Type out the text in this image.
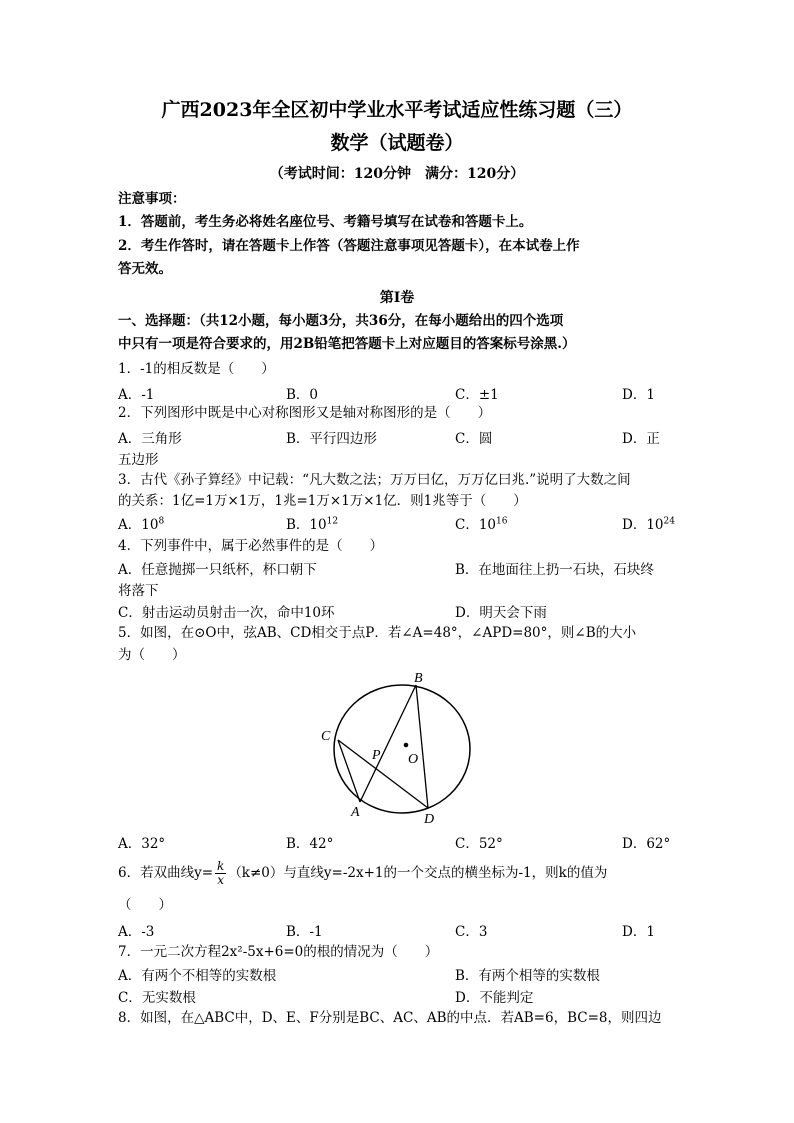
广西2023年全区初中学业水平考试适应性练习题（三）
数学（试题卷）
（考试时间：120分钟　满分：120分）
注意事项：
1．答题前，考生务必将姓名座位号、考籍号填写在试卷和答题卡上。
2．考生作答时，请在答题卡上作答（答题注意事项见答题卡），在本试卷上作
答无效。
第Ⅰ卷
一、选择题：（共12小题，每小题3分，共36分，在每小题给出的四个选项
中只有一项是符合要求的，用2B铅笔把答题卡上对应题目的答案标号涂黑.）
1．-1的相反数是（　　）
A．-1	B．0	C．±1	D．1
2．下列图形中既是中心对称图形又是轴对称图形的是（　　）
A．三角形	B．平行四边形	C．圆	D．正
五边形
3．古代《孙子算经》中记载：“凡大数之法；万万曰亿，万万亿曰兆.”说明了大数之间
的关系：1亿=1万×1万，1兆=1万×1万×1亿．则1兆等于（　　）
A．$10^8$	B．$10^{12}$	C．$10^{16}$	D．$10^{24}$
4．下列事件中，属于必然事件的是（　　）
A．任意抛掷一只纸杯，杯口朝下	B．在地面往上扔一石块，石块终
将落下
C．射击运动员射击一次，命中10环	D．明天会下雨
5．如图，在⊙O中，弦AB、CD相交于点P．若∠A=48°，∠APD=80°，则∠B的大小
为（　　）
B
C
P O
A	D
A．32°	B．42°	C．52°	D．62°
6．若双曲线$y= \frac{k}{x} (k\ne 0)$与直线y=-2x+1的一个交点的横坐标为-1，则k的值为
（　　）
A．-3	B．-1	C．3	D．1
7．一元二次方程2x²-5x+6=0的根的情况为（　　）
A．有两个不相等的实数根	B．有两个相等的实数根
C．无实数根	D．不能判定
8．如图，在△ABC中，D、E、F分别是BC、AC、AB的中点．若AB=6，BC=8，则四边
